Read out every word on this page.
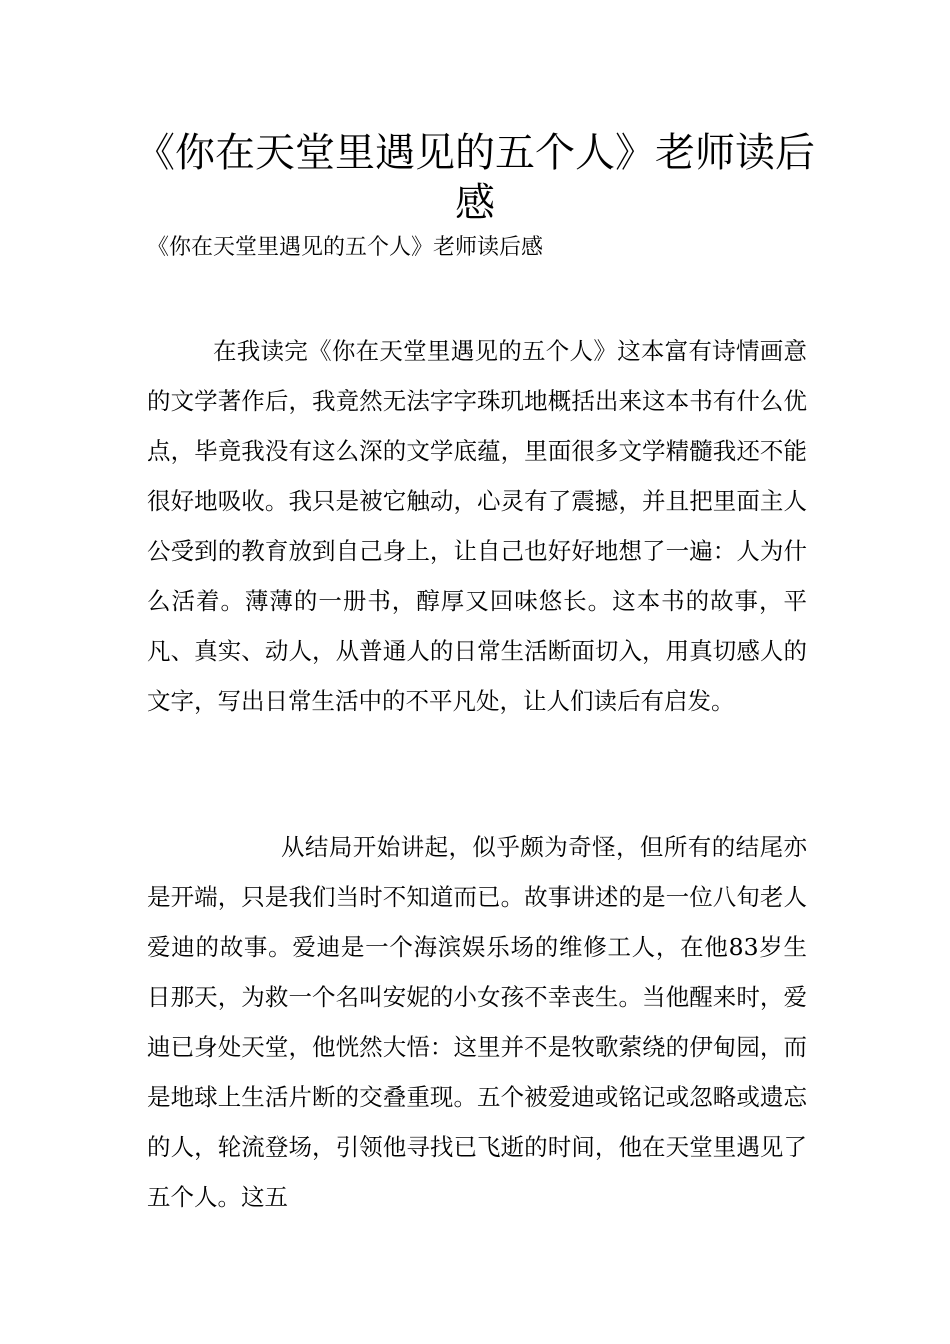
《你在天堂里遇见的五个人》老师读后感
《你在天堂里遇见的五个人》老师读后感

在我读完《你在天堂里遇见的五个人》这本富有诗情画意的文学著作后，我竟然无法字字珠玑地概括出来这本书有什么优点，毕竟我没有这么深的文学底蕴，里面很多文学精髓我还不能很好地吸收。我只是被它触动，心灵有了震撼，并且把里面主人公受到的教育放到自己身上，让自己也好好地想了一遍：人为什么活着。薄薄的一册书，醇厚又回味悠长。这本书的故事，平凡、真实、动人，从普通人的日常生活断面切入，用真切感人的文字，写出日常生活中的不平凡处，让人们读后有启发。

从结局开始讲起，似乎颇为奇怪，但所有的结尾亦是开端，只是我们当时不知道而已。故事讲述的是一位八旬老人爱迪的故事。爱迪是一个海滨娱乐场的维修工人，在他83岁生日那天，为救一个名叫安妮的小女孩不幸丧生。当他醒来时，爱迪已身处天堂，他恍然大悟：这里并不是牧歌萦绕的伊甸园，而是地球上生活片断的交叠重现。五个被爱迪或铭记或忽略或遗忘的人，轮流登场，引领他寻找已飞逝的时间，他在天堂里遇见了五个人。这五
